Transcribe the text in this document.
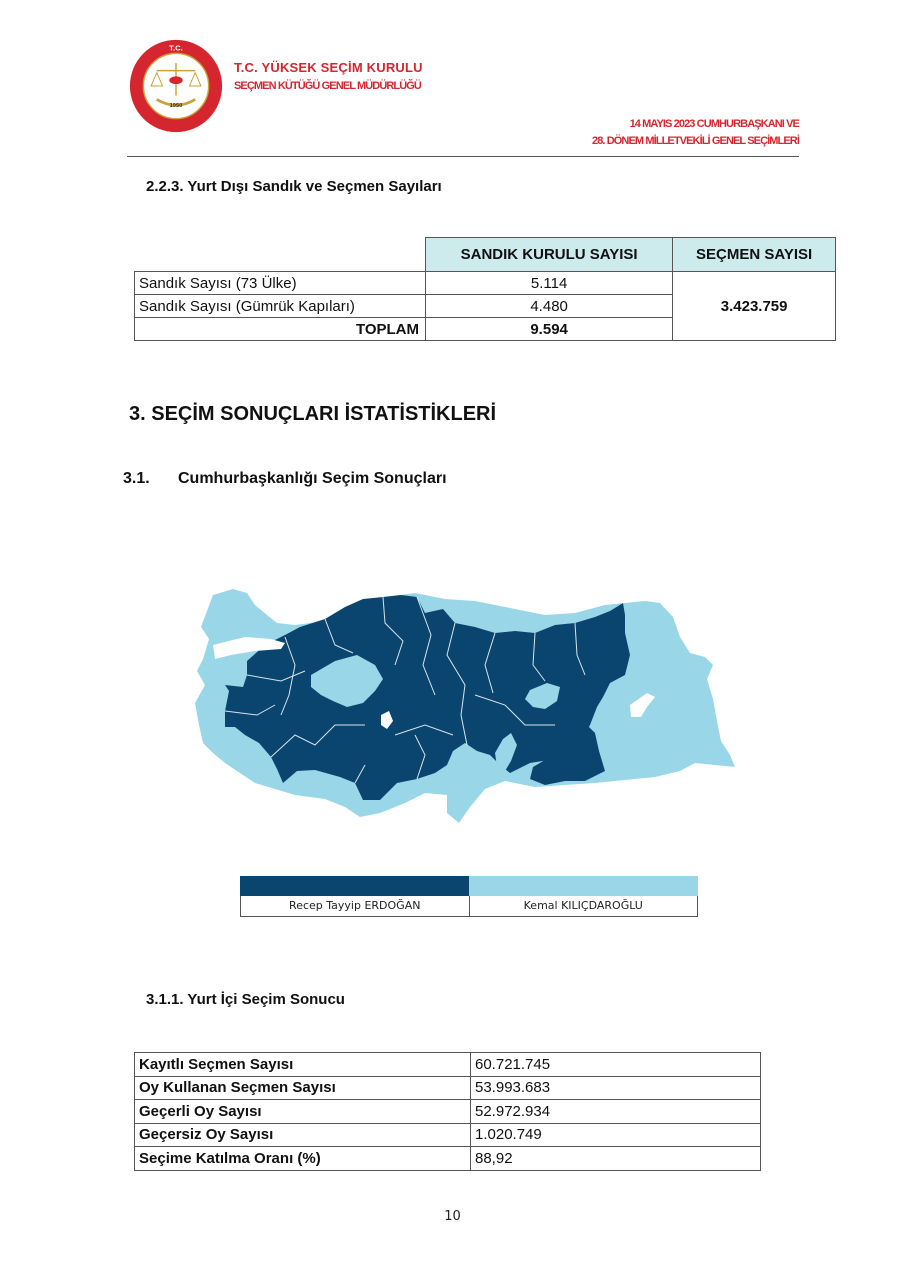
T.C.
1950
T.C. YÜKSEK SEÇİM KURULU
SEÇMEN KÜTÜĞÜ GENEL MÜDÜRLÜĞÜ
14 MAYIS 2023 CUMHURBAŞKANI VE
28. DÖNEM MİLLETVEKİLİ GENEL SEÇİMLERİ
2.2.3. Yurt Dışı Sandık ve Seçmen Sayıları
	SANDIK KURULU SAYISI	SEÇMEN SAYISI
Sandık Sayısı (73 Ülke)	5.114	3.423.759
Sandık Sayısı (Gümrük Kapıları)	4.480	
TOPLAM	9.594	
3. SEÇİM SONUÇLARI İSTATİSTİKLERİ
3.1. Cumhurbaşkanlığı Seçim Sonuçları
Recep Tayyip ERDOĞAN	Kemal KILIÇDAROĞLU
3.1.1. Yurt İçi Seçim Sonucu
Kayıtlı Seçmen Sayısı	60.721.745
Oy Kullanan Seçmen Sayısı	53.993.683
Geçerli Oy Sayısı	52.972.934
Geçersiz Oy Sayısı	1.020.749
Seçime Katılma Oranı (%)	88,92
10
